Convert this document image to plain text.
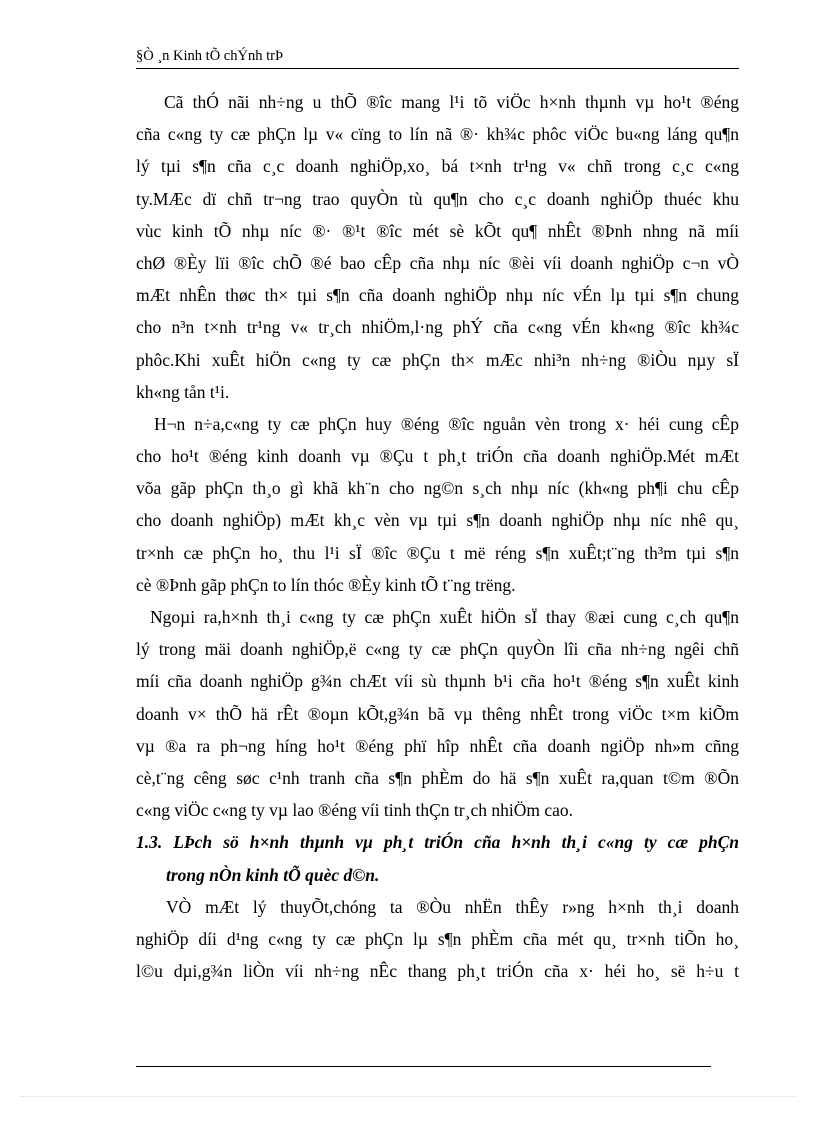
§Ò ¸n Kinh tÕ chÝnh trÞ
Cã thÓ nãi nh÷ng u thÕ ®îc mang l¹i tõ viÖc h×nh thµnh vµ ho¹t ®éng
cña c«ng ty cæ phÇn lµ v« cïng to lín nã ®· kh¾c phôc viÖc bu«ng láng qu¶n
lý tµi s¶n cña c¸c doanh nghiÖp,xo¸ bá t×nh tr¹ng v« chñ trong c¸c c«ng
ty.MÆc dï chñ tr¬ng trao quyÒn tù qu¶n cho c¸c doanh nghiÖp thuéc khu
vùc kinh tÕ nhµ níc ®· ®¹t ®îc mét sè kÕt qu¶ nhÊt ®Þnh nhng nã míi
chØ ®Èy lïi ®îc chÕ ®é bao cÊp cña nhµ níc ®èi víi doanh nghiÖp c¬n vÒ
mÆt nhÊn thøc th× tµi s¶n cña doanh nghiÖp nhµ níc vÉn lµ tµi s¶n chung
cho n³n t×nh tr¹ng v« tr¸ch nhiÖm,l·ng phÝ cña c«ng vÉn kh«ng ®îc kh¾c
phôc.Khi xuÊt hiÖn c«ng ty cæ phÇn th× mÆc nhi³n nh÷ng ®iÒu nµy sÏ
kh«ng tån t¹i.
H¬n n÷a,c«ng ty cæ phÇn huy ®éng ®îc nguån vèn trong x· héi cung cÊp
cho ho¹t ®éng kinh doanh vµ ®Çu t ph¸t triÓn cña doanh nghiÖp.Mét mÆt
võa gãp phÇn th¸o gì khã kh¨n cho ng©n s¸ch nhµ níc (kh«ng ph¶i chu cÊp
cho doanh nghiÖp) mÆt kh¸c vèn vµ tµi s¶n doanh nghiÖp nhµ níc nhê qu¸
tr×nh cæ phÇn ho¸ thu l¹i sÏ ®îc ®Çu t më réng s¶n xuÊt;t¨ng th³m tµi s¶n
cè ®Þnh gãp phÇn to lín thóc ®Èy kinh tÕ t¨ng trëng.
Ngoµi ra,h×nh th¸i c«ng ty cæ phÇn xuÊt hiÖn sÏ thay ®æi cung c¸ch qu¶n
lý trong mäi doanh nghiÖp,ë c«ng ty cæ phÇn quyÒn lîi cña nh÷ng ngêi chñ
míi cña doanh nghiÖp g¾n chÆt víi sù thµnh b¹i cña ho¹t ®éng s¶n xuÊt kinh
doanh v× thÕ hä rÊt ®oµn kÕt,g¾n bã vµ thêng nhÊt trong viÖc t×m kiÕm
vµ ®a ra ph¬ng híng ho¹t ®éng phï hîp nhÊt cña doanh ngiÖp nh»m cñng
cè,t¨ng cêng søc c¹nh tranh cña s¶n phÈm do hä s¶n xuÊt ra,quan t©m ®Õn
c«ng viÖc c«ng ty vµ lao ®éng víi tinh thÇn tr¸ch nhiÖm cao.
1.3. LÞch sö h×nh thµnh vµ ph¸t triÓn cña h×nh th¸i c«ng ty cæ phÇn
trong nÒn kinh tÕ quèc d©n.
VÒ mÆt lý thuyÕt,chóng ta ®Òu nhËn thÊy r»ng h×nh th¸i doanh
nghiÖp díi d¹ng c«ng ty cæ phÇn lµ s¶n phÈm cña mét qu¸ tr×nh tiÕn ho¸
l©u dµi,g¾n liÒn víi nh÷ng nÊc thang ph¸t triÓn cña x· héi ho¸ së h÷u t
